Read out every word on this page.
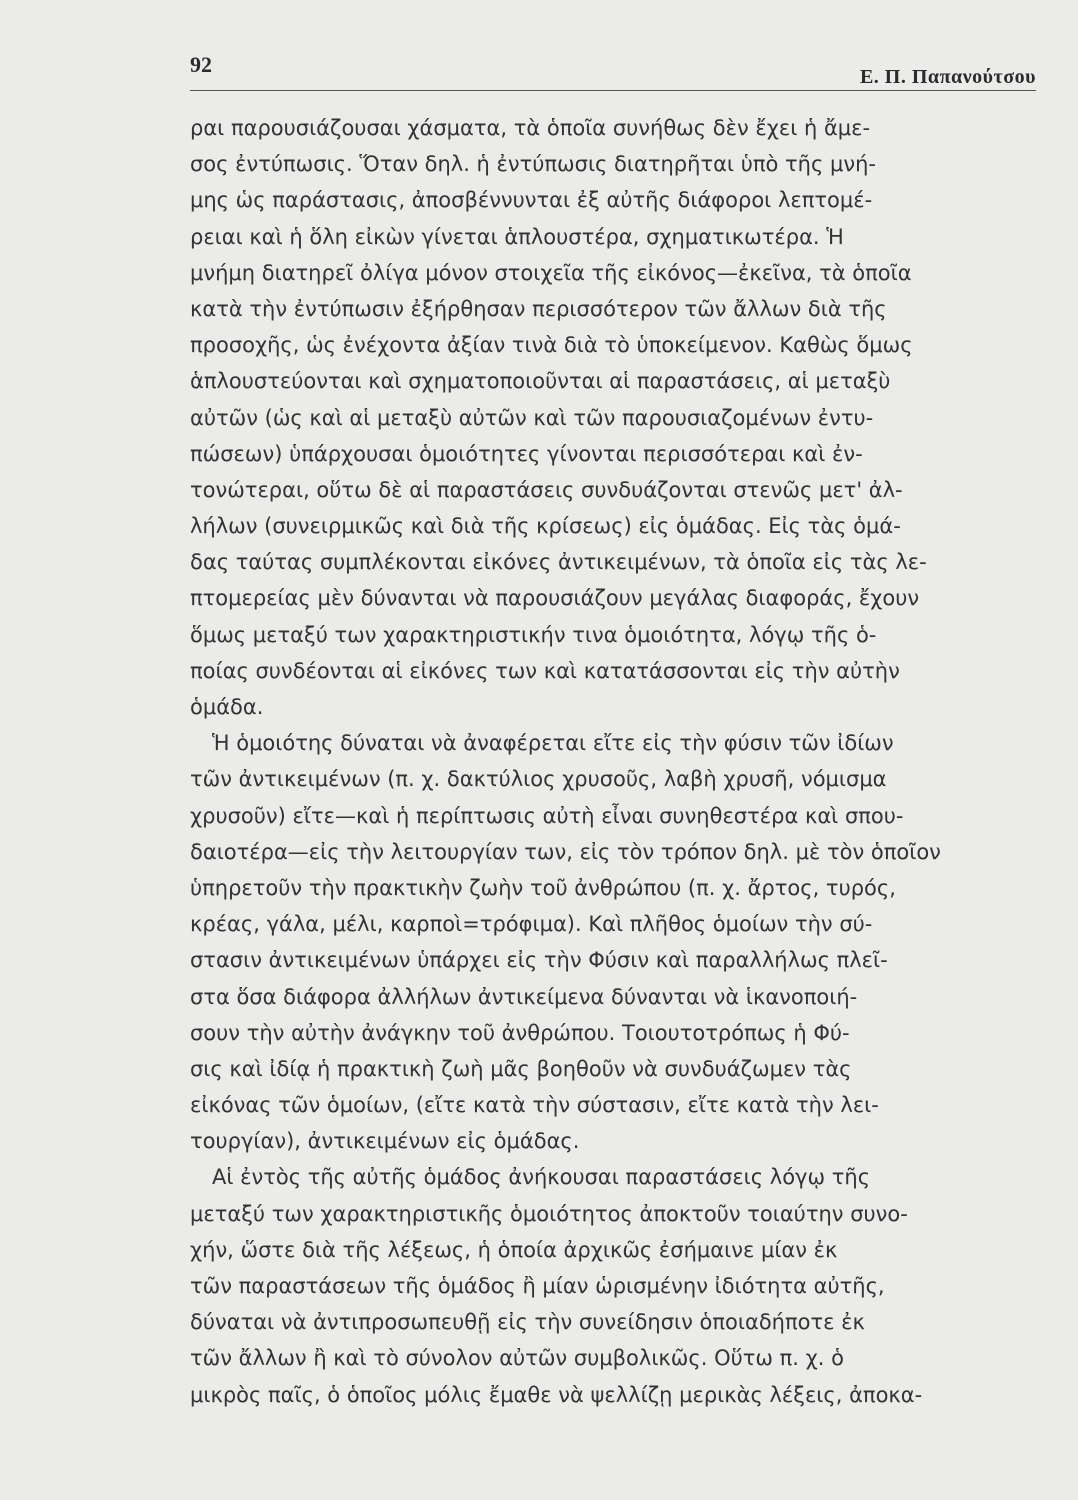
92	Ε. Π. Παπανούτσου
ραι παρουσιάζουσαι χάσματα, τὰ ὁποῖα συνήθως δὲν ἔχει ἡ ἄμε-
σος ἐντύπωσις. Ὅταν δηλ. ἡ ἐντύπωσις διατηρῆται ὑπὸ τῆς μνή-
μης ὡς παράστασις, ἀποσβέννυνται ἐξ αὐτῆς διάφοροι λεπτομέ-
ρειαι καὶ ἡ ὅλη εἰκὼν γίνεται ἁπλουστέρα, σχηματικωτέρα. Ἡ
μνήμη διατηρεῖ ὀλίγα μόνον στοιχεῖα τῆς εἰκόνος—ἐκεῖνα, τὰ ὁποῖα
κατὰ τὴν ἐντύπωσιν ἐξήρθησαν περισσότερον τῶν ἄλλων διὰ τῆς
προσοχῆς, ὡς ἐνέχοντα ἀξίαν τινὰ διὰ τὸ ὑποκείμενον. Καθὼς ὅμως
ἁπλουστεύονται καὶ σχηματοποιοῦνται αἱ παραστάσεις, αἱ μεταξὺ
αὐτῶν (ὡς καὶ αἱ μεταξὺ αὐτῶν καὶ τῶν παρουσιαζομένων ἐντυ-
πώσεων) ὑπάρχουσαι ὁμοιότητες γίνονται περισσότεραι καὶ ἐν-
τονώτεραι, οὕτω δὲ αἱ παραστάσεις συνδυάζονται στενῶς μετ' ἀλ-
λήλων (συνειρμικῶς καὶ διὰ τῆς κρίσεως) εἰς ὁμάδας. Εἰς τὰς ὁμά-
δας ταύτας συμπλέκονται εἰκόνες ἀντικειμένων, τὰ ὁποῖα εἰς τὰς λε-
πτομερείας μὲν δύνανται νὰ παρουσιάζουν μεγάλας διαφοράς, ἔχουν
ὅμως μεταξύ των χαρακτηριστικήν τινα ὁμοιότητα, λόγῳ τῆς ὁ-
ποίας συνδέονται αἱ εἰκόνες των καὶ κατατάσσονται εἰς τὴν αὐτὴν
ὁμάδα.
Ἡ ὁμοιότης δύναται νὰ ἀναφέρεται εἴτε εἰς τὴν φύσιν τῶν ἰδίων
τῶν ἀντικειμένων (π. χ. δακτύλιος χρυσοῦς, λαβὴ χρυσῆ, νόμισμα
χρυσοῦν) εἴτε—καὶ ἡ περίπτωσις αὐτὴ εἶναι συνηθεστέρα καὶ σπου-
δαιοτέρα—εἰς τὴν λειτουργίαν των, εἰς τὸν τρόπον δηλ. μὲ τὸν ὁποῖον
ὑπηρετοῦν τὴν πρακτικὴν ζωὴν τοῦ ἀνθρώπου (π. χ. ἄρτος, τυρός,
κρέας, γάλα, μέλι, καρποὶ=τρόφιμα). Καὶ πλῆθος ὁμοίων τὴν σύ-
στασιν ἀντικειμένων ὑπάρχει εἰς τὴν Φύσιν καὶ παραλλήλως πλεῖ-
στα ὅσα διάφορα ἀλλήλων ἀντικείμενα δύνανται νὰ ἱκανοποιή-
σουν τὴν αὐτὴν ἀνάγκην τοῦ ἀνθρώπου. Τοιουτοτρόπως ἡ Φύ-
σις καὶ ἰδίᾳ ἡ πρακτικὴ ζωὴ μᾶς βοηθοῦν νὰ συνδυάζωμεν τὰς
εἰκόνας τῶν ὁμοίων, (εἴτε κατὰ τὴν σύστασιν, εἴτε κατὰ τὴν λει-
τουργίαν), ἀντικειμένων εἰς ὁμάδας.
Αἱ ἐντὸς τῆς αὐτῆς ὁμάδος ἀνήκουσαι παραστάσεις λόγῳ τῆς
μεταξύ των χαρακτηριστικῆς ὁμοιότητος ἀποκτοῦν τοιαύτην συνο-
χήν, ὥστε διὰ τῆς λέξεως, ἡ ὁποία ἀρχικῶς ἐσήμαινε μίαν ἐκ
τῶν παραστάσεων τῆς ὁμάδος ἢ μίαν ὡρισμένην ἰδιότητα αὐτῆς,
δύναται νὰ ἀντιπροσωπευθῇ εἰς τὴν συνείδησιν ὁποιαδήποτε ἐκ
τῶν ἄλλων ἢ καὶ τὸ σύνολον αὐτῶν συμβολικῶς. Οὕτω π. χ. ὁ
μικρὸς παῖς, ὁ ὁποῖος μόλις ἔμαθε νὰ ψελλίζῃ μερικὰς λέξεις, ἀποκα-
